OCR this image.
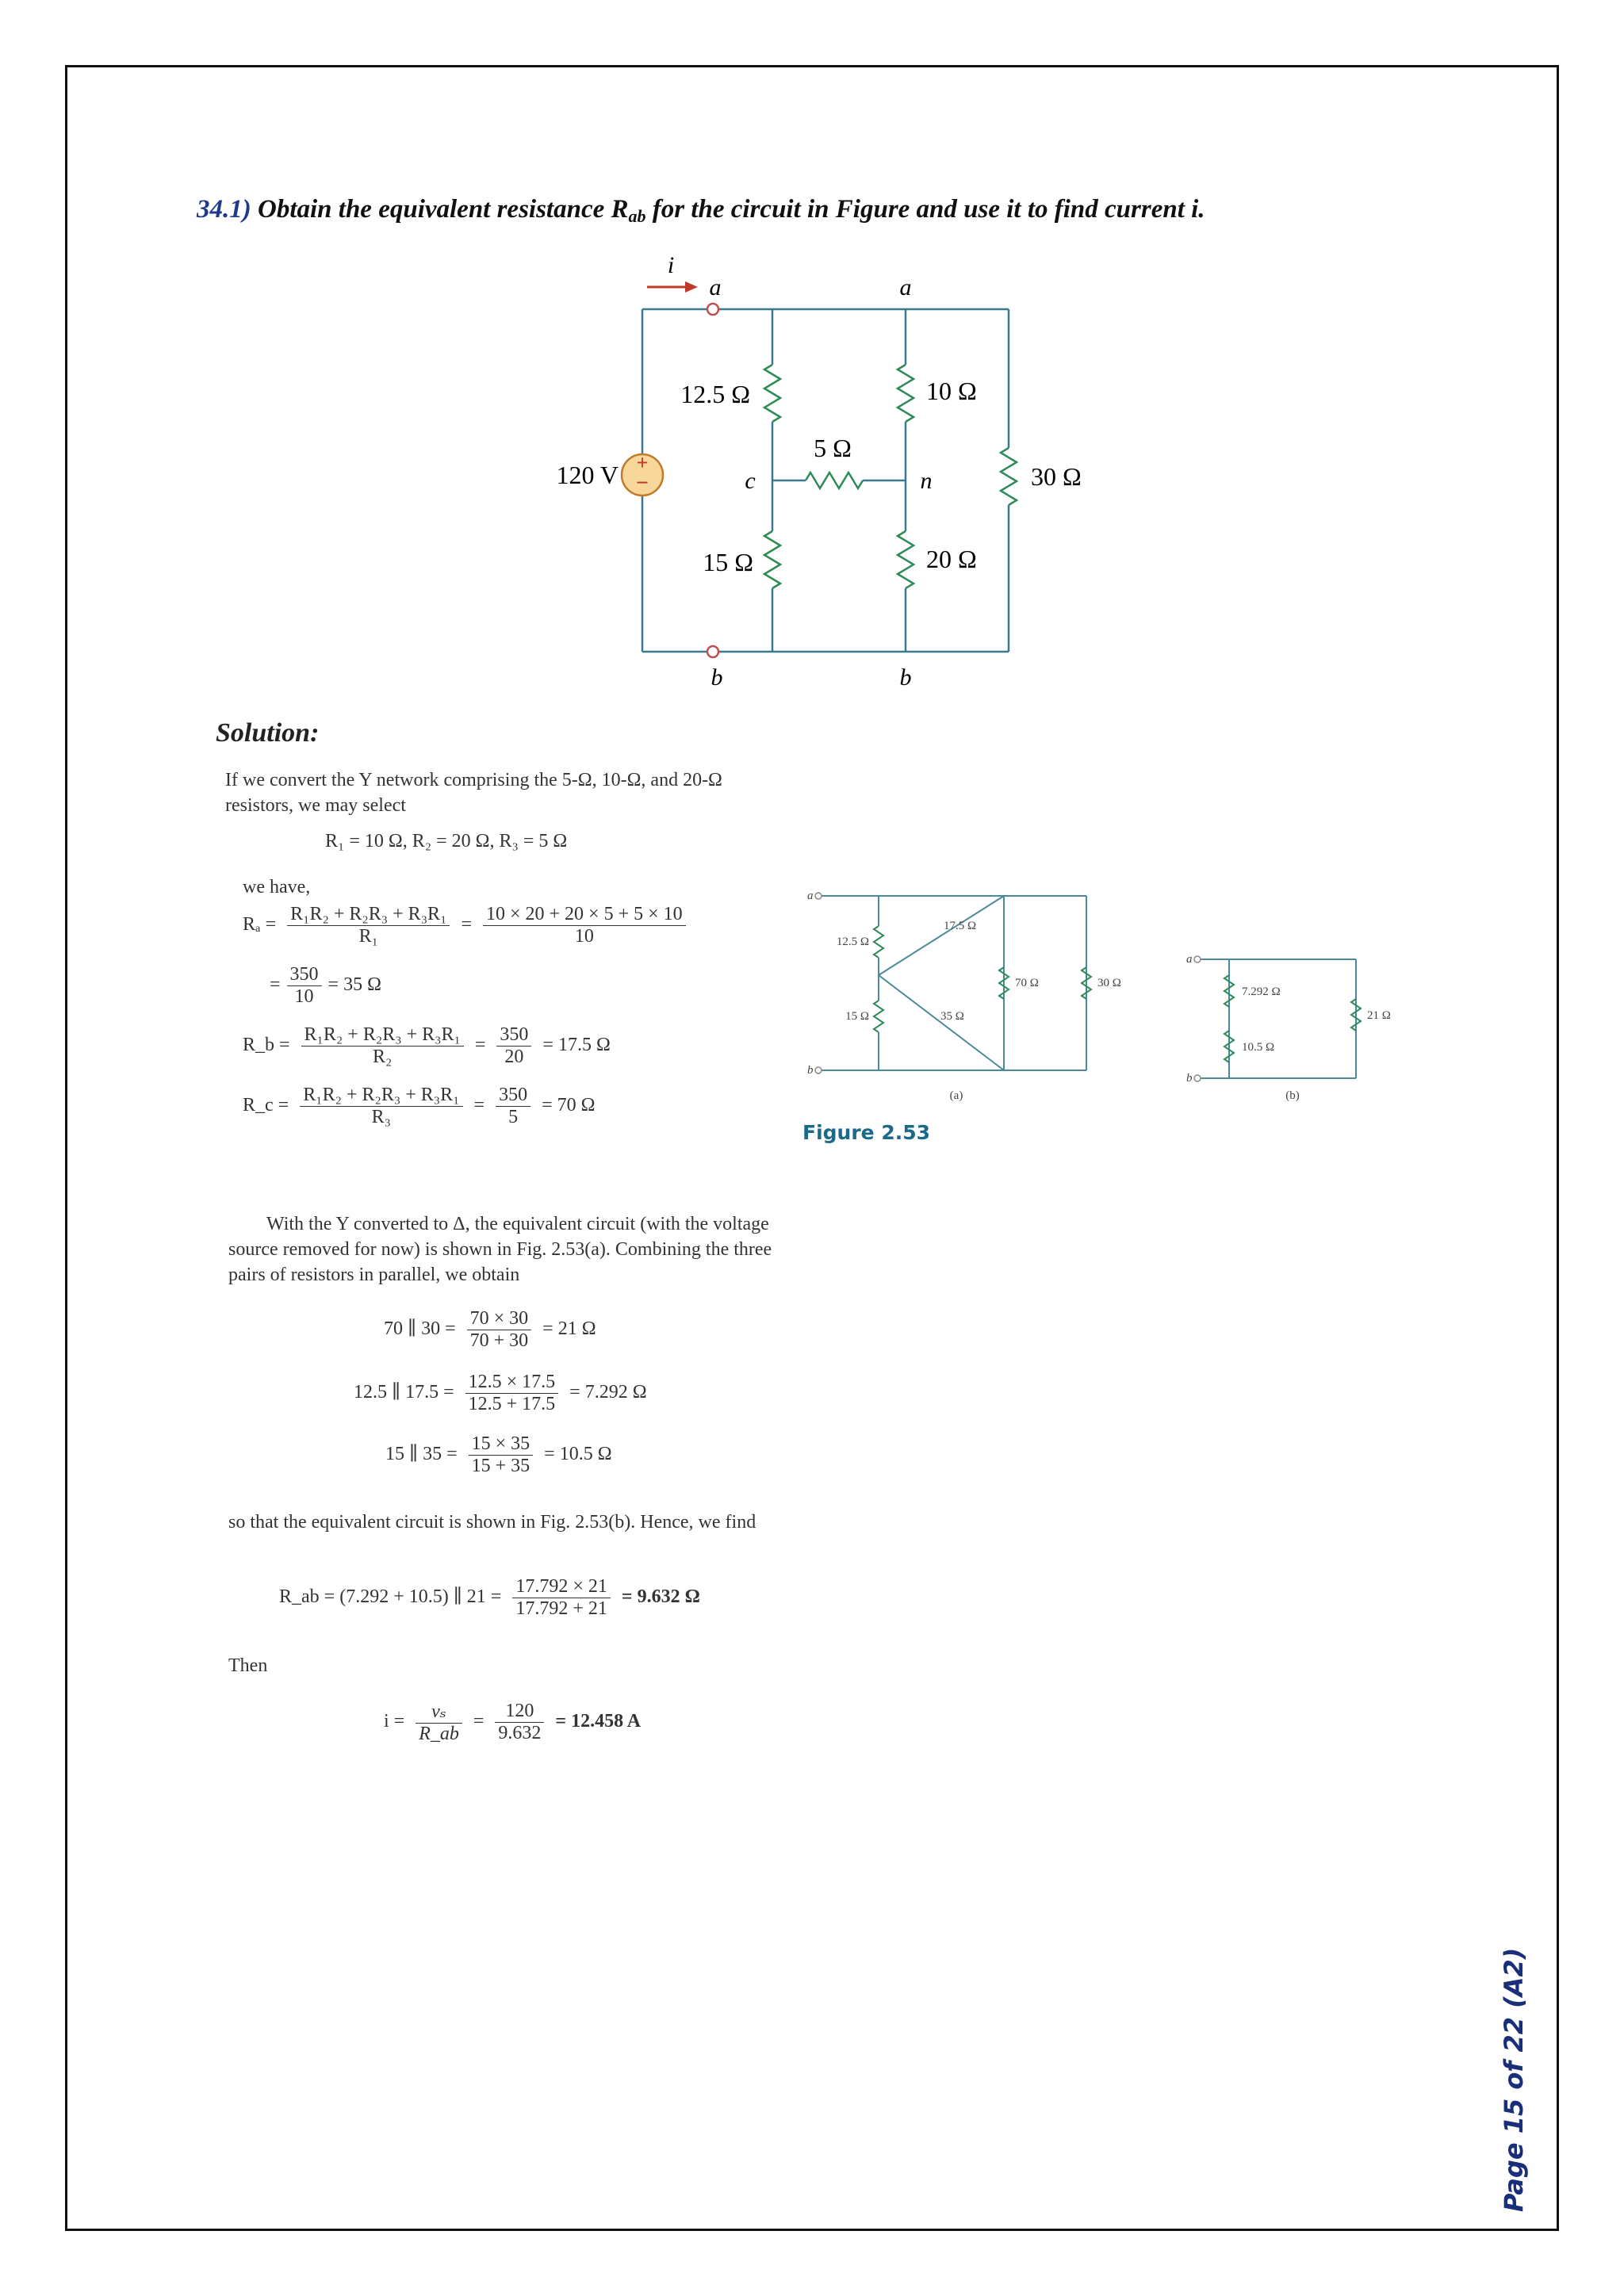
34.1) Obtain the equivalent resistance $R_{ab}$ for the circuit in Figure and use it to find current i.
+
−
i
a	a
b	b
c	n
120 V
12.5 Ω	10 Ω
5 Ω
30 Ω
15 Ω	20 Ω
Solution:
If we convert the Y network comprising the 5-Ω, 10-Ω, and 20-Ω resistors, we may select
R₁ = 10 Ω, R₂ = 20 Ω, R₃ = 5 Ω
we have,
$R_a = \frac{\text{R₁R₂ + R₂R₃ + R₃R₁}}{\text{R₁}} = \frac{10 \times 20 + 20 \times 5 + 5 \times 10}{10}$
= $\frac{350}{10} = 35$ Ω
R_b = $\frac{\text{R₁R₂ + R₂R₃ + R₃R₁}}{\text{R₂}} = \frac{350}{20} = 17.5$ Ω
R_c = $\frac{\text{R₁R₂ + R₂R₃ + R₃R₁}}{\text{R₃}} = \frac{350}{5} = 70$ Ω
a
b
12.5 Ω
17.5 Ω
35 Ω
15 Ω
70 Ω	30 Ω
(a)
a
b
7.292 Ω
10.5 Ω
21 Ω
(b)
Figure 2.53
With the Y converted to Δ, the equivalent circuit (with the voltage source removed for now) is shown in Fig. 2.53(a). Combining the three pairs of resistors in parallel, we obtain
70 ∥ $30 = \frac{70 \times 30}{70 + 30} = 21$ Ω
12.5 ∥ $17.5 = \frac{12.5 \times 17.5}{12.5 + 17.5} = 7.292$ Ω
15 ∥ $35 = \frac{15 \times 35}{15 + 35} = 10.5$ Ω
so that the equivalent circuit is shown in Fig. 2.53(b). Hence, we find
R_ab = (7.292 + 10.5) ∥ $21 = \frac{17.792 \times 21}{17.792 + 21} = 9.632$ Ω
Then
$i = \frac{\text{vₛ}}{R\_ab} = \frac{120}{9.632} = 12.458$ A
Page 15 of 22 (A2)
